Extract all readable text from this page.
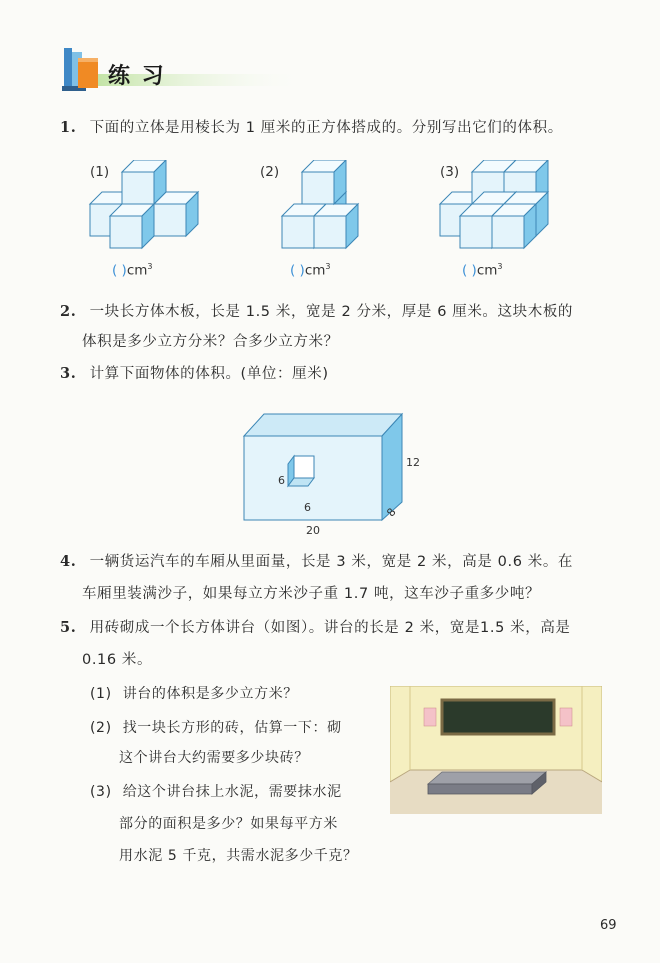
练 习
1. 下面的立体是用棱长为 1 厘米的正方体搭成的。分别写出它们的体积。
(1)	(2)	(3)
( )$cm^3$	( )$cm^3$	( )$cm^3$
2. 一块长方体木板，长是 1.5 米，宽是 2 分米，厚是 6 厘米。这块木板的
体积是多少立方分米？合多少立方米？
3. 计算下面物体的体积。(单位：厘米)
12
6
6
20
8
4. 一辆货运汽车的车厢从里面量，长是 3 米，宽是 2 米，高是 0.6 米。在
车厢里装满沙子，如果每立方米沙子重 1.7 吨，这车沙子重多少吨？
5. 用砖砌成一个长方体讲台（如图）。讲台的长是 2 米，宽是1.5 米，高是
0.16 米。
(1) 讲台的体积是多少立方米？
(2) 找一块长方形的砖，估算一下：砌
这个讲台大约需要多少块砖？
(3) 给这个讲台抹上水泥，需要抹水泥
部分的面积是多少？如果每平方米
用水泥 5 千克，共需水泥多少千克？
69
